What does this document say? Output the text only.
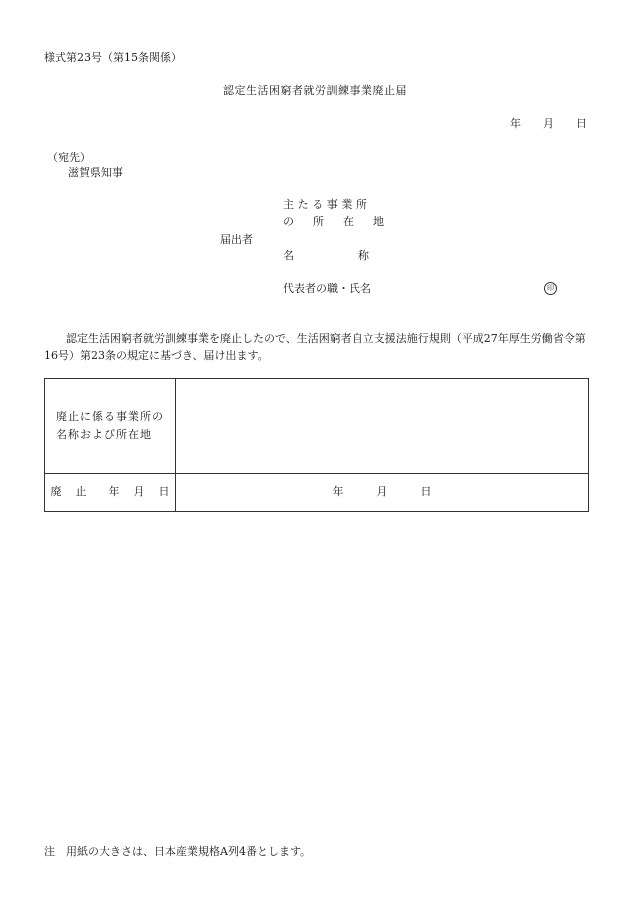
様式第23号（第15条関係）
認定生活困窮者就労訓練事業廃止届
年 月 日
（宛先）
滋賀県知事
主たる事業所
の 所 在 地
届出者
名	称
代表者の職・氏名	印
認定生活困窮者就労訓練事業を廃止したので、生活困窮者自立支援法施行規則（平成27年厚生労働省令第16号）第23条の規定に基づき、届け出ます。
廃止に係る事業所の
名称および所在地	
廃 止 年 月 日	年 月 日
注　用紙の大きさは、日本産業規格A列4番とします。
